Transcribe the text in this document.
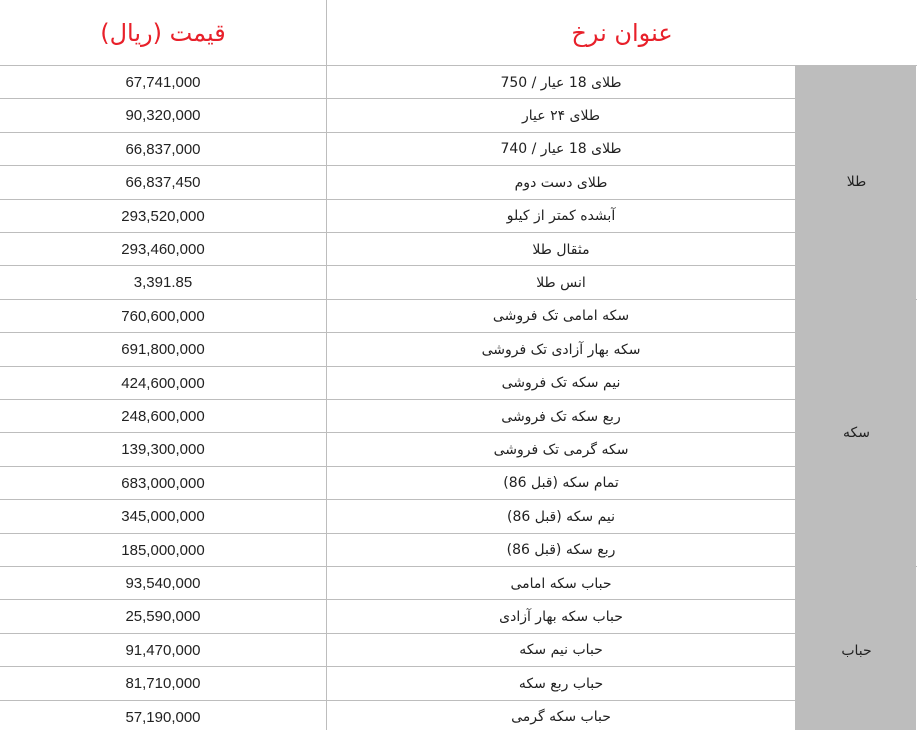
قیمت (ریال)	عنوان نرخ
67,741,000	طلای 18 عیار / 750
90,320,000	طلای ۲۴ عیار
66,837,000	طلای 18 عیار / 740
66,837,450	طلای دست دوم
293,520,000	آبشده کمتر از کیلو
293,460,000	مثقال طلا
3,391.85	انس طلا
طلا
760,600,000	سکه امامی تک فروشی
691,800,000	سکه بهار آزادی تک فروشی
424,600,000	نیم سکه تک فروشی
248,600,000	ربع سکه تک فروشی
139,300,000	سکه گرمی تک فروشی
683,000,000	تمام سکه (قبل 86)
345,000,000	نیم سکه (قبل 86)
185,000,000	ربع سکه (قبل 86)
سکه
93,540,000	حباب سکه امامی
25,590,000	حباب سکه بهار آزادی
91,470,000	حباب نیم سکه
81,710,000	حباب ربع سکه
57,190,000	حباب سکه گرمی
حباب
